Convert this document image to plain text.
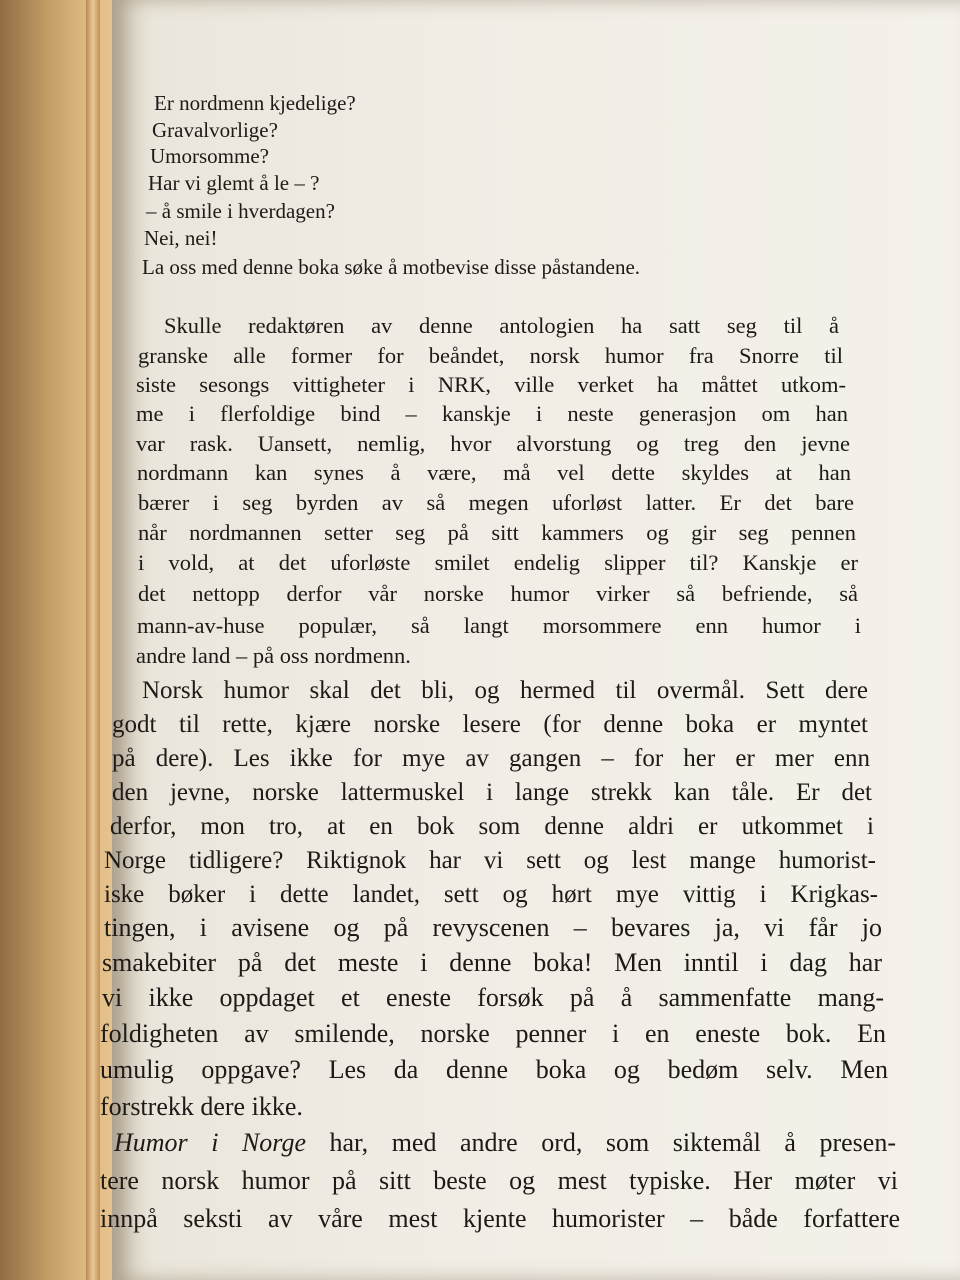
Er nordmenn kjedelige?
Gravalvorlige?
Umorsomme?
Har vi glemt å le – ?
– å smile i hverdagen?
Nei, nei!
La oss med denne boka søke å motbevise disse påstandene.
Skulle redaktøren av denne antologien ha satt seg til å
granske alle former for beåndet, norsk humor fra Snorre til
siste sesongs vittigheter i NRK, ville verket ha måttet utkom-
me i flerfoldige bind – kanskje i neste generasjon om han
var rask. Uansett, nemlig, hvor alvorstung og treg den jevne
nordmann kan synes å være, må vel dette skyldes at han
bærer i seg byrden av så megen uforløst latter. Er det bare
når nordmannen setter seg på sitt kammers og gir seg pennen
i vold, at det uforløste smilet endelig slipper til? Kanskje er
det nettopp derfor vår norske humor virker så befriende, så
mann-av-huse populær, så langt morsommere enn humor i
andre land – på oss nordmenn.
Norsk humor skal det bli, og hermed til overmål. Sett dere
godt til rette, kjære norske lesere (for denne boka er myntet
på dere). Les ikke for mye av gangen – for her er mer enn
den jevne, norske lattermuskel i lange strekk kan tåle. Er det
derfor, mon tro, at en bok som denne aldri er utkommet i
Norge tidligere? Riktignok har vi sett og lest mange humorist-
iske bøker i dette landet, sett og hørt mye vittig i Krigkas-
tingen, i avisene og på revyscenen – bevares ja, vi får jo
smakebiter på det meste i denne boka! Men inntil i dag har
vi ikke oppdaget et eneste forsøk på å sammenfatte mang-
foldigheten av smilende, norske penner i en eneste bok. En
umulig oppgave? Les da denne boka og bedøm selv. Men
forstrekk dere ikke.
Humor i Norge har, med andre ord, som siktemål å presen-
tere norsk humor på sitt beste og mest typiske. Her møter vi
innpå seksti av våre mest kjente humorister – både forfattere
